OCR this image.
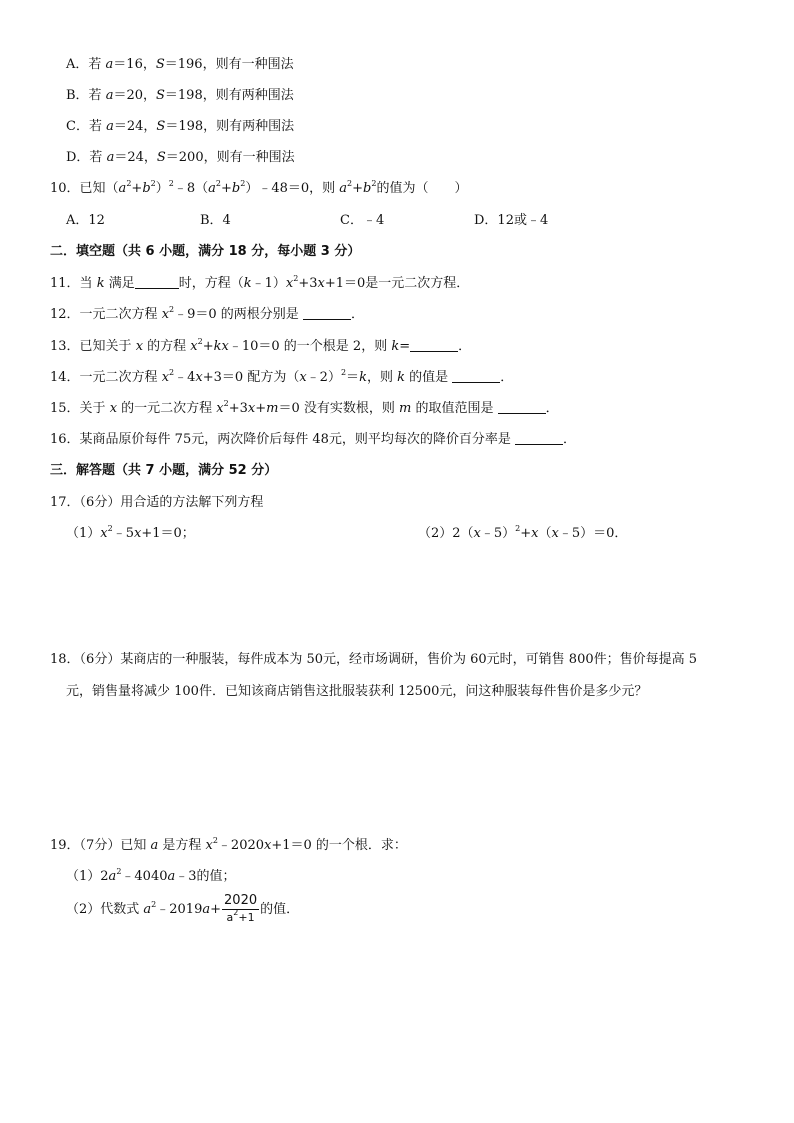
A．若 a＝16，S＝196，则有一种围法
B．若 a＝20，S＝198，则有两种围法
C．若 a＝24，S＝198，则有两种围法
D．若 a＝24，S＝200，则有一种围法
10．已知$(a^2+b^2)^2﹣8(a^2+b^2)﹣48=0$，则 $a^2+b^2$的值为（　　）
A．12	B．4	C．﹣4	D．12或﹣4
二．填空题（共 6 小题，满分 18 分，每小题 3 分）
11．当 k 满足	时，方程$(k﹣1)x^2+3x+1=0$是一元二次方程．
12．一元二次方程 $x^2﹣9=0$ 的两根分别是	．
13．已知关于 x 的方程 $x^2+kx﹣10=0$ 的一个根是 2，则 k=	．
14．一元二次方程 $x^2﹣4x+3=0$ 配方为（x﹣2）$^2$＝k，则 k 的值是	．
15．关于 x 的一元二次方程 $x^2+3x+m=0$ 没有实数根，则 m 的取值范围是	．
16．某商品原价每件 75元，两次降价后每件 48元，则平均每次的降价百分率是	．
三．解答题（共 7 小题，满分 52 分）
17．（6分）用合适的方法解下列方程
$(1)x^2﹣5x+1=0$；	（2）2（x﹣5）$^2$+x（x﹣5）＝0．
18．（6分）某商店的一种服装，每件成本为 50元，经市场调研，售价为 60元时，可销售 800件；售价每提高 5
元，销售量将减少 100件．已知该商店销售这批服装获利 12500元，问这种服装每件售价是多少元？
19．（7分）已知 a 是方程 $x^2﹣2020x+1=0$ 的一个根．求：
$(1)2a^2﹣4040a﹣3$的值；
（2）代数式 $a^2﹣2019a+ \frac{2020}{a^2+1}$ 的值．
